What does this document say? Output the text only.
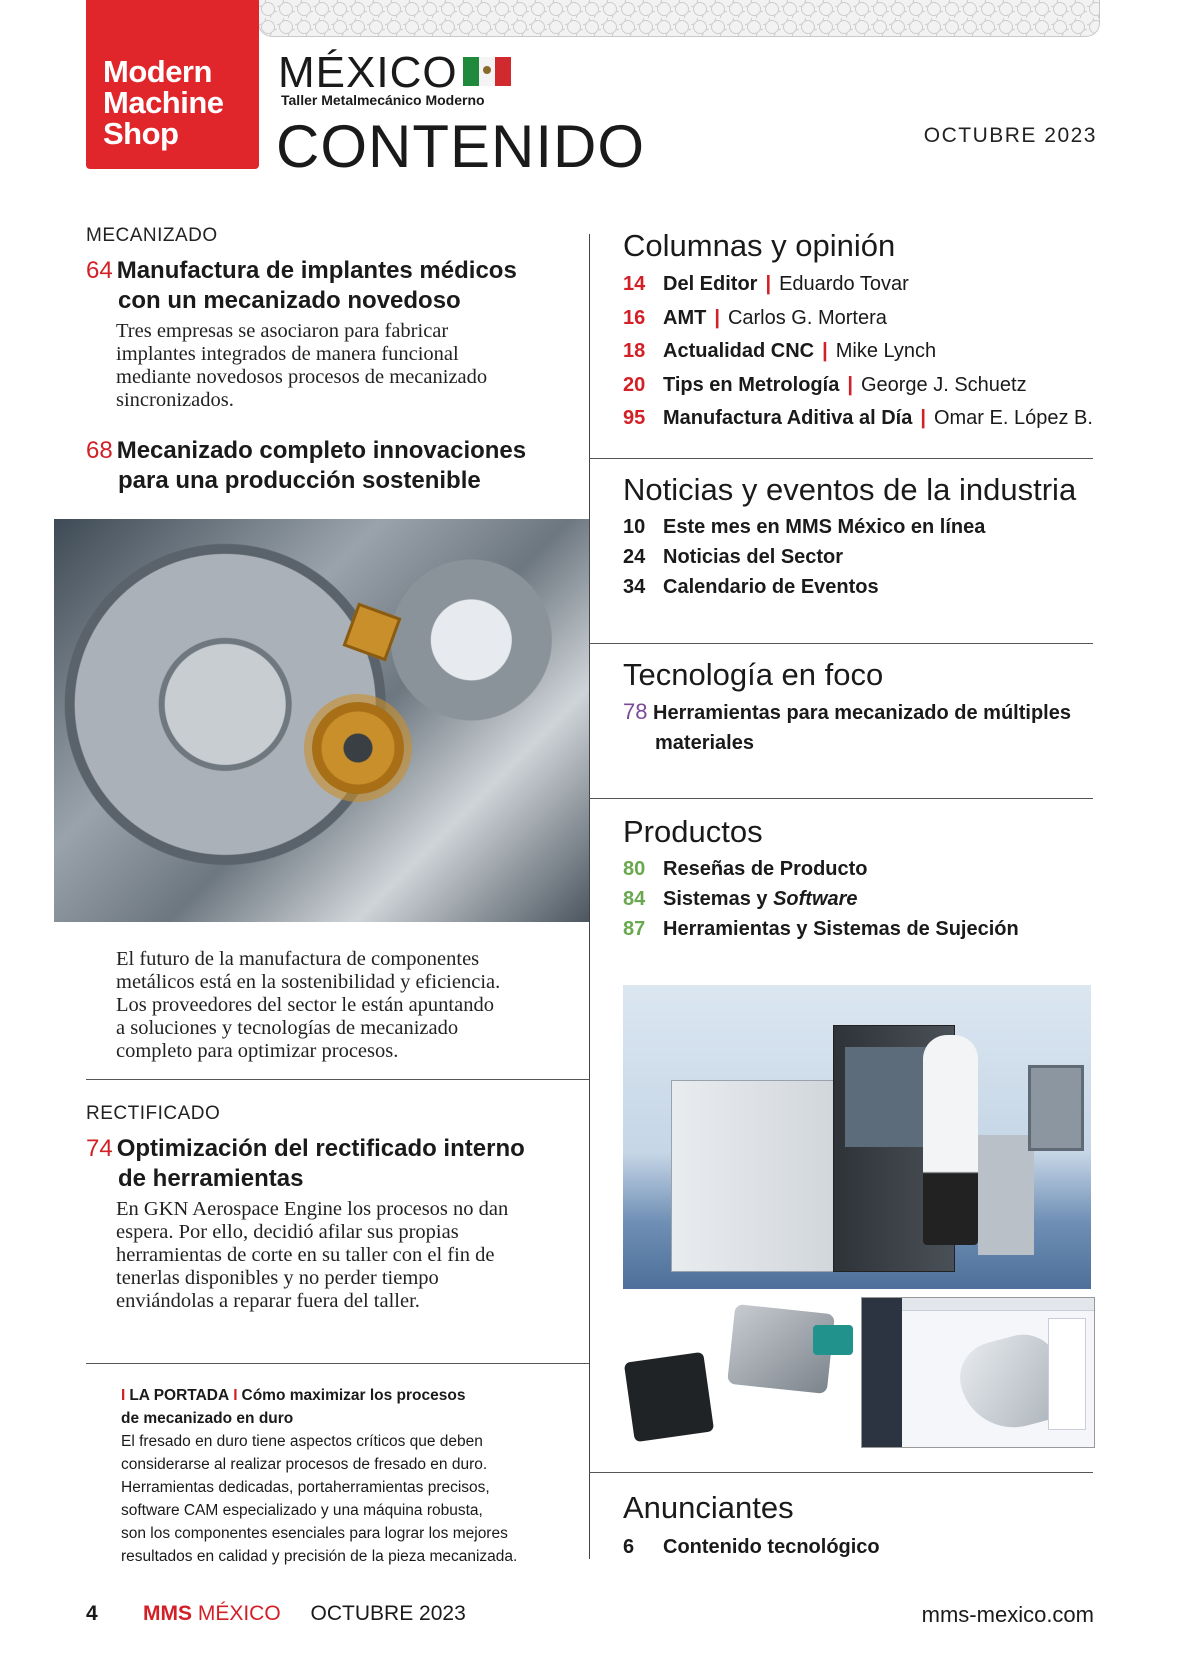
Modern
Machine
Shop
MÉXICO
Taller Metalmecánico Moderno
CONTENIDO	OCTUBRE 2023
MECANIZADO
64 Manufactura de implantes médicos
con un mecanizado novedoso
Tres empresas se asociaron para fabricar
implantes integrados de manera funcional
mediante novedosos procesos de mecanizado
sincronizados.
68 Mecanizado completo innovaciones
para una producción sostenible
El futuro de la manufactura de componentes
metálicos está en la sostenibilidad y eficiencia.
Los proveedores del sector le están apuntando
a soluciones y tecnologías de mecanizado
completo para optimizar procesos.
RECTIFICADO
74 Optimización del rectificado interno
de herramientas
En GKN Aerospace Engine los procesos no dan
espera. Por ello, decidió afilar sus propias
herramientas de corte en su taller con el fin de
tenerlas disponibles y no perder tiempo
enviándolas a reparar fuera del taller.
I LA PORTADA I Cómo maximizar los procesos
de mecanizado en duro
El fresado en duro tiene aspectos críticos que deben
considerarse al realizar procesos de fresado en duro.
Herramientas dedicadas, portaherramientas precisos,
software CAM especializado y una máquina robusta,
son los componentes esenciales para lograr los mejores
resultados en calidad y precisión de la pieza mecanizada.
Columnas y opinión
14 Del Editor | Eduardo Tovar
16 AMT | Carlos G. Mortera
18 Actualidad CNC | Mike Lynch
20 Tips en Metrología | George J. Schuetz
95 Manufactura Aditiva al Día | Omar E. López B.
Noticias y eventos de la industria
10 Este mes en MMS México en línea
24 Noticias del Sector
34 Calendario de Eventos
Tecnología en foco
78 Herramientas para mecanizado de múltiples
materiales
Productos
80 Reseñas de Producto
84 Sistemas y Software
87 Herramientas y Sistemas de Sujeción
Anunciantes
6 Contenido tecnológico
4 MMS MÉXICO OCTUBRE 2023	mms-mexico.com
